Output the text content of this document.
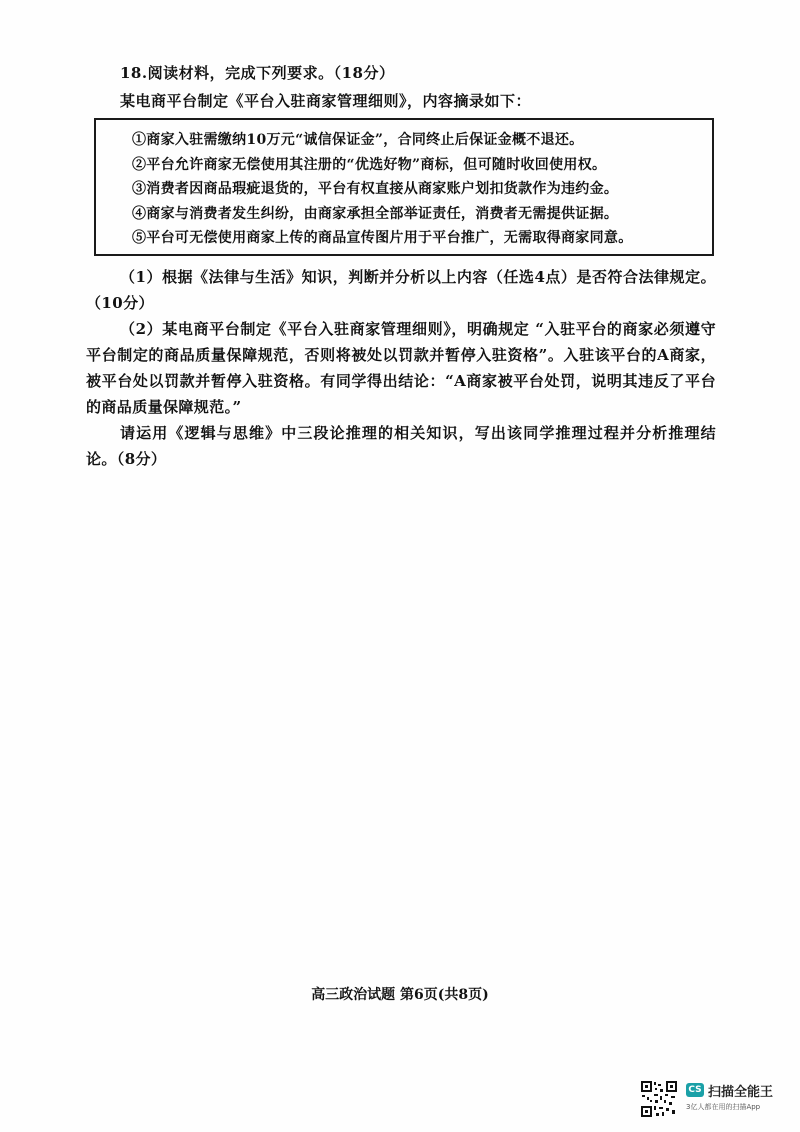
18.阅读材料，完成下列要求。（18分）
某电商平台制定《平台入驻商家管理细则》，内容摘录如下：
①商家入驻需缴纳10万元“诚信保证金”，合同终止后保证金概不退还。
②平台允许商家无偿使用其注册的“优选好物”商标，但可随时收回使用权。
③消费者因商品瑕疵退货的，平台有权直接从商家账户划扣货款作为违约金。
④商家与消费者发生纠纷，由商家承担全部举证责任，消费者无需提供证据。
⑤平台可无偿使用商家上传的商品宣传图片用于平台推广，无需取得商家同意。
（1）根据《法律与生活》知识，判断并分析以上内容（任选4点）是否符合法律规定。（10分）
（2）某电商平台制定《平台入驻商家管理细则》，明确规定 “入驻平台的商家必须遵守平台制定的商品质量保障规范，否则将被处以罚款并暂停入驻资格”。入驻该平台的A商家，被平台处以罚款并暂停入驻资格。有同学得出结论：“A商家被平台处罚，说明其违反了平台的商品质量保障规范。”
请运用《逻辑与思维》中三段论推理的相关知识，写出该同学推理过程并分析推理结论。（8分）
高三政治试题 第6页(共8页)
CS 扫描全能王
3亿人都在用的扫描App
